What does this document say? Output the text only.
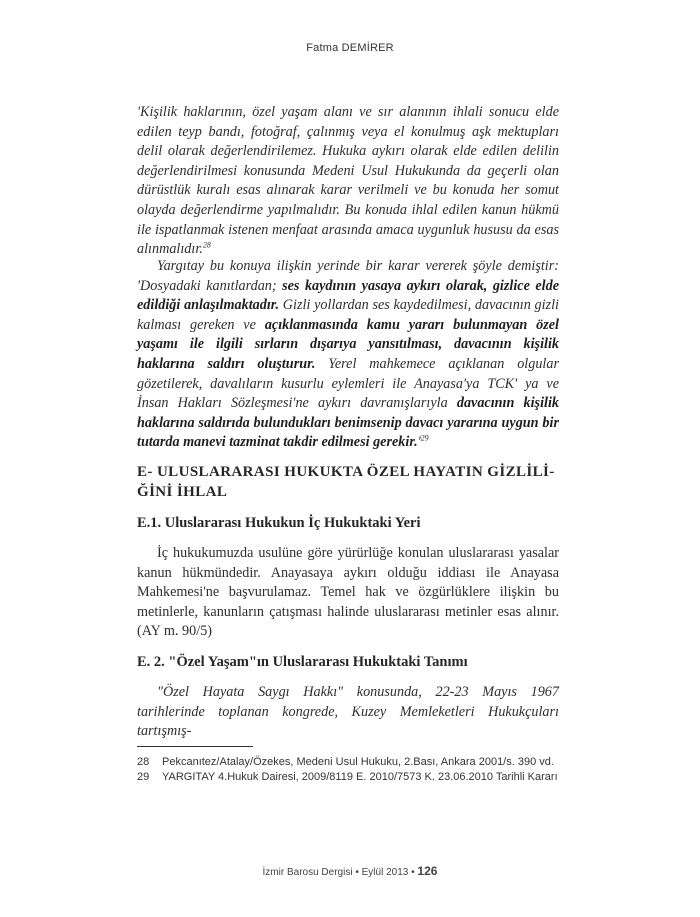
Fatma DEMİRER

'Kişilik haklarının, özel yaşam alanı ve sır alanının ihlali sonucu elde edilen teyp bandı, fotoğraf, çalınmış veya el konulmuş aşk mektupları delil olarak değerlendirilemez. Hukuka aykırı olarak elde edilen delilin değerlendirilmesi konusunda Medeni Usul Hukukunda da geçerli olan dürüstlük kuralı esas alınarak karar verilmeli ve bu konuda her somut olayda değerlendirme yapılmalıdır. Bu konuda ihlal edilen kanun hükmü ile ispatlanmak istenen menfaat arasında amaca uygunluk hususu da esas alınmalıdır.$^{28}$

Yargıtay bu konuya ilişkin yerinde bir karar vererek şöyle demiştir: 'Dosyadaki kanıtlardan; ses kaydının yasaya aykırı olarak, gizlice elde edildiği anlaşılmaktadır. Gizli yollardan ses kaydedilmesi, davacının gizli kalması gereken ve açıklanmasında kamu yararı bulunmayan özel yaşamı ile ilgili sırların dışarıya yansıtılması, davacının kişilik haklarına saldırı oluşturur. Yerel mahkemece açıklanan olgular gözetilerek, davalıların kusurlu eylemleri ile Anayasa'ya TCK' ya ve İnsan Hakları Sözleşmesi'ne aykırı davranışlarıyla davacının kişilik haklarına saldırıda bulundukları benimsenip davacı yararına uygun bir tutarda manevi tazminat takdir edilmesi $gerekir.'^{29}$

E- ULUSLARARASI HUKUKTA ÖZEL HAYATIN GİZLİLİ-
ĞİNİ İHLAL
E.1. Uluslararası Hukukun İç Hukuktaki Yeri

İç hukukumuzda usulüne göre yürürlüğe konulan uluslararası yasalar kanun hükmündedir. Anayasaya aykırı olduğu iddiası ile Anayasa Mahkemesi'ne başvurulamaz. Temel hak ve özgürlüklere ilişkin bu metinlerle, kanunların çatışması halinde uluslararası metinler esas alınır. (AY m. 90/5)

E. 2. "Özel Yaşam"ın Uluslararası Hukuktaki Tanımı

"Özel Hayata Saygı Hakkı" konusunda, 22-23 Mayıs 1967 tarihlerinde toplanan kongrede, Kuzey Memleketleri Hukukçuları tartışmış-

28	Pekcanıtez/Atalay/Özekes, Medeni Usul Hukuku, 2.Bası, Ankara 2001/s. 390 vd.
29	YARGITAY 4.Hukuk Dairesi, 2009/8119 E. 2010/7573 K. 23.06.2010 Tarihli Kararı
İzmir Barosu Dergisi • Eylül 2013 • 126
